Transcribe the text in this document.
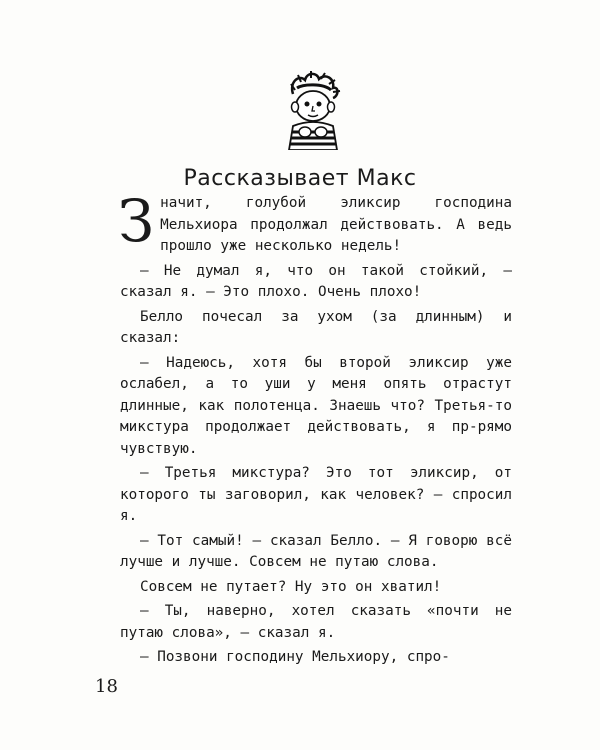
Рассказывает Макс

Значит, голубой эликсир господина Мельхиора продолжал действовать. А ведь прошло уже несколько недель!

— Не думал я, что он такой стойкий, — сказал я. — Это плохо. Очень плохо!

Белло почесал за ухом (за длинным) и сказал:

— Надеюсь, хотя бы второй эликсир уже ослабел, а то уши у меня опять отрастут длинные, как полотенца. Знаешь что? Третья-то микстура продолжает действовать, я пр-рямо чувствую.

— Третья микстура? Это тот эликсир, от которого ты заговорил, как человек? — спросил я.

— Тот самый! — сказал Белло. — Я говорю всё лучше и лучше. Совсем не путаю слова.

Совсем не путает? Ну это он хватил!

— Ты, наверно, хотел сказать «почти не путаю слова», — сказал я.

— Позвони господину Мельхиору, спро-

18
